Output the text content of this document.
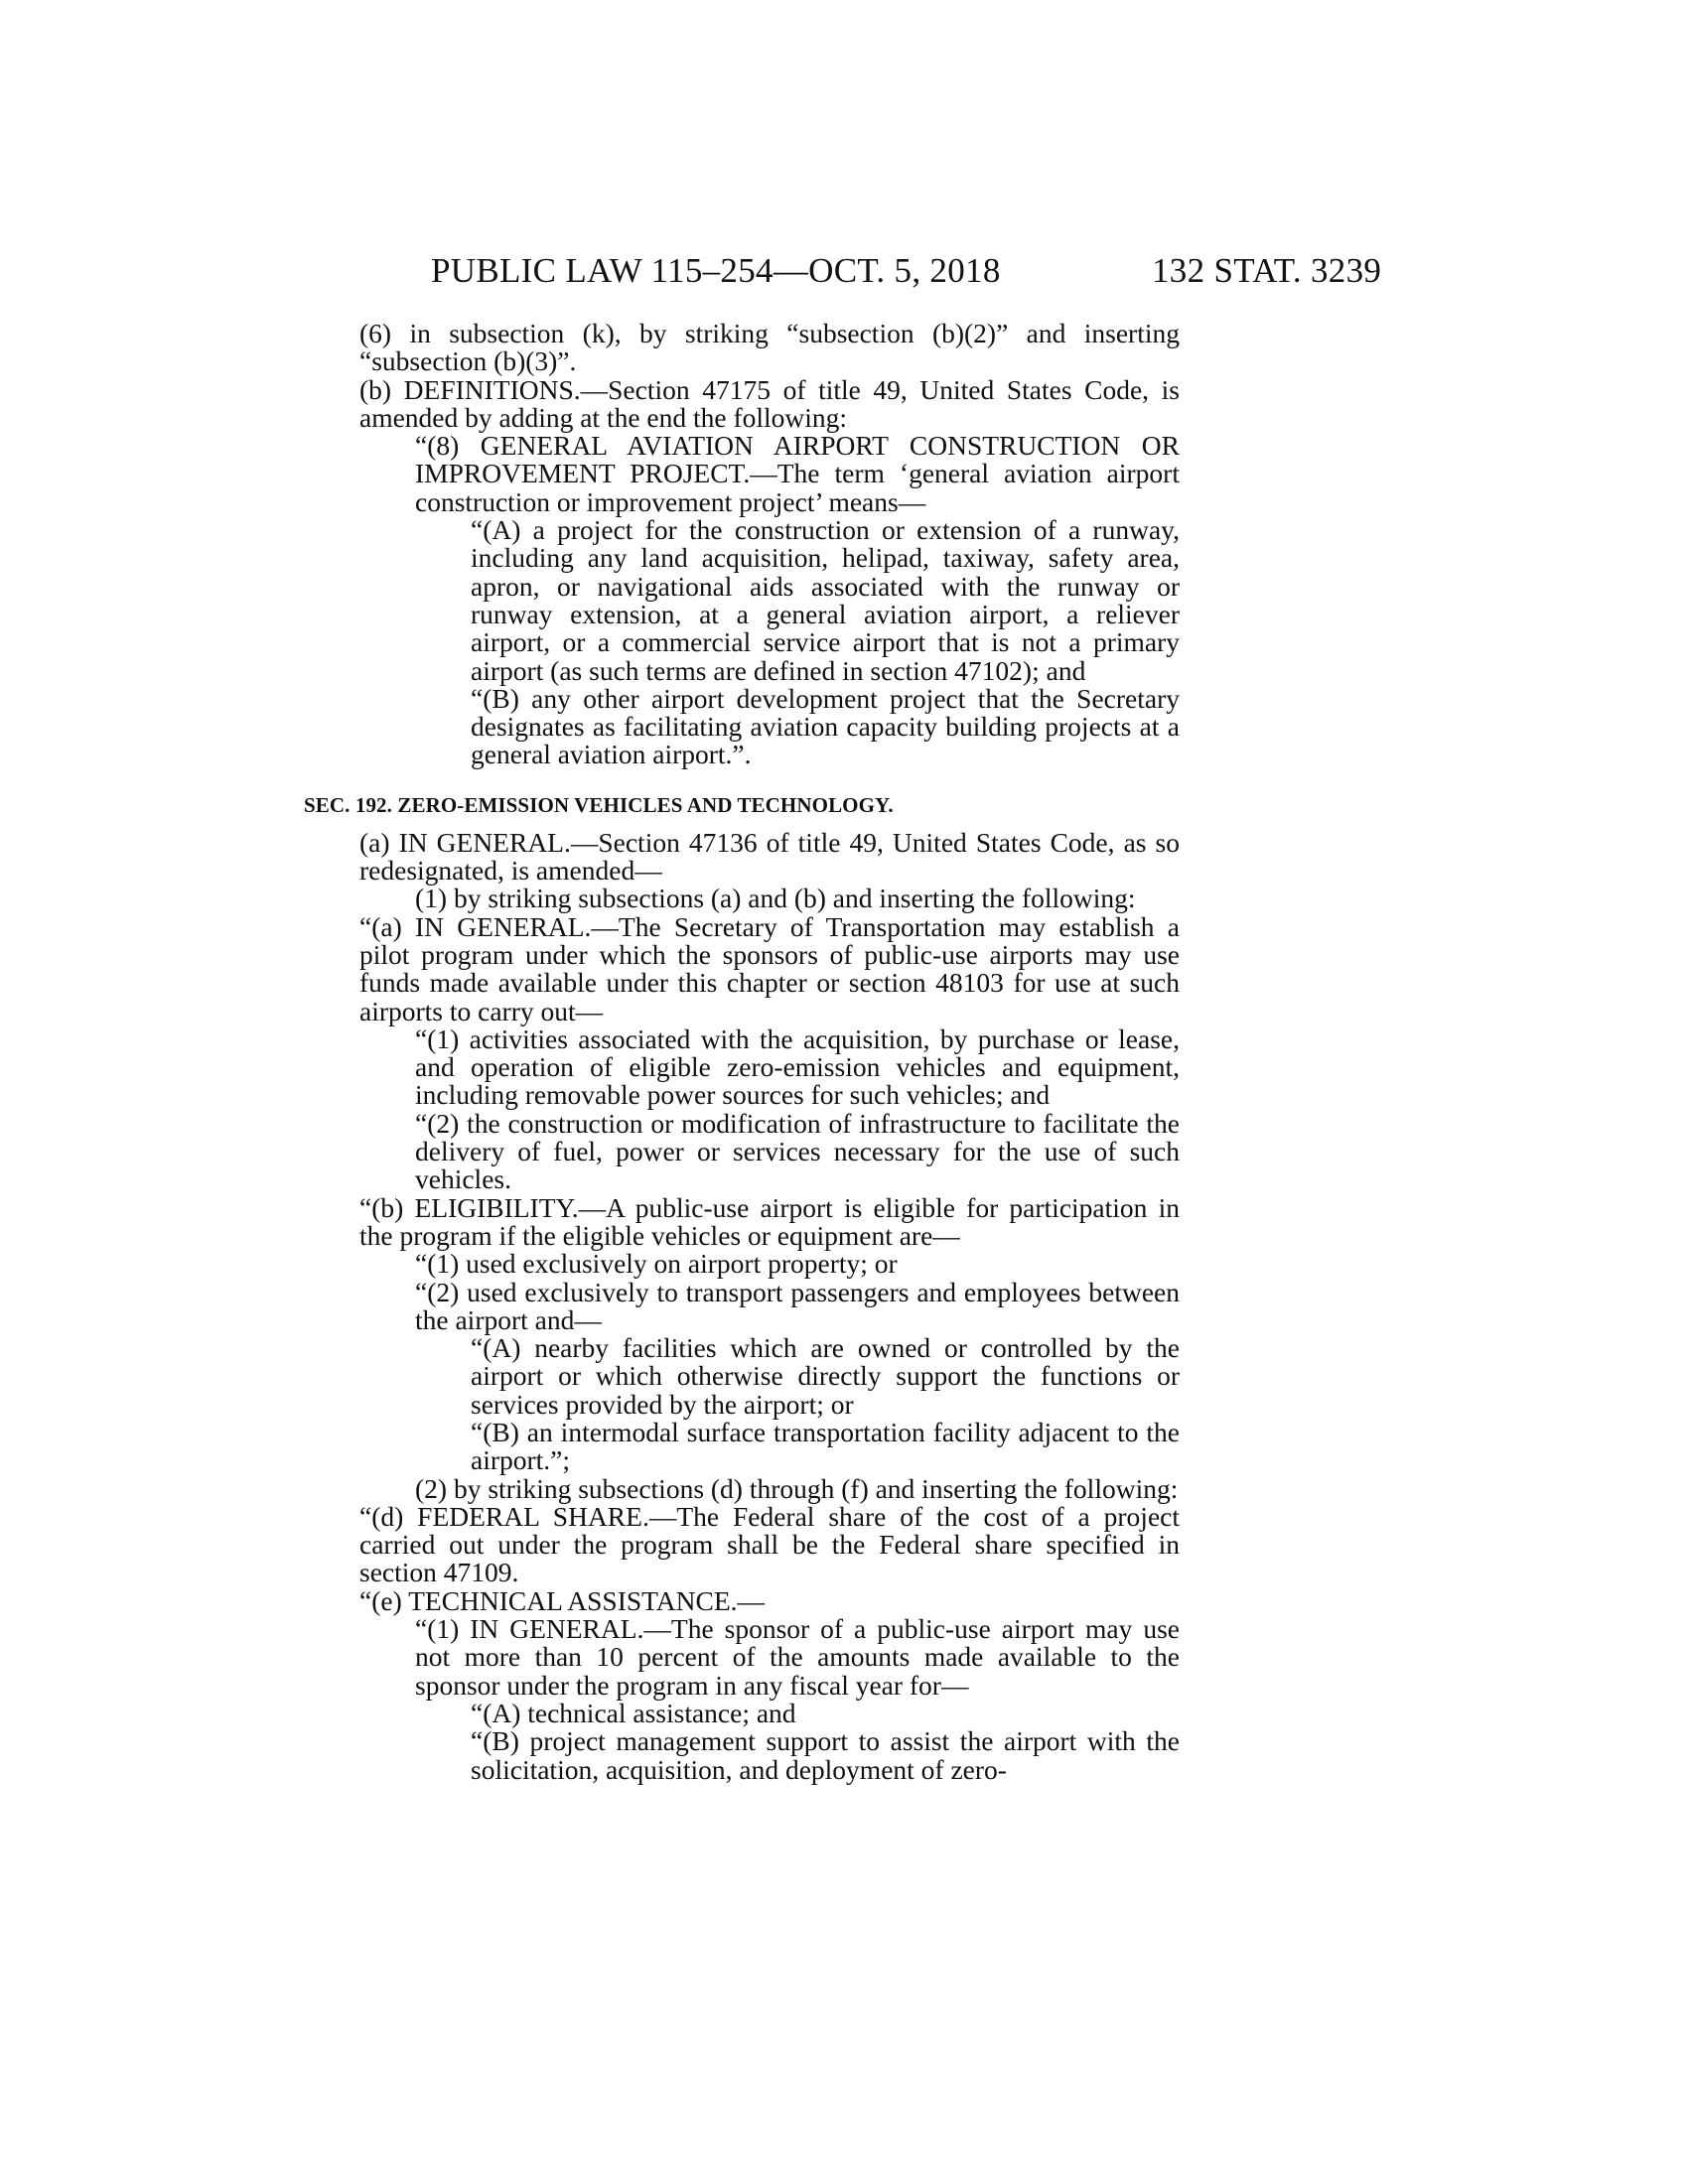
PUBLIC LAW 115–254—OCT. 5, 2018	132 STAT. 3239

(6) in subsection (k), by striking “subsection (b)(2)” and inserting “subsection (b)(3)”.

(b) DEFINITIONS.—Section 47175 of title 49, United States Code, is amended by adding at the end the following:

“(8) GENERAL AVIATION AIRPORT CONSTRUCTION OR IMPROVEMENT PROJECT.—The term ‘general aviation airport construction or improvement project’ means—

“(A) a project for the construction or extension of a runway, including any land acquisition, helipad, taxiway, safety area, apron, or navigational aids associated with the runway or runway extension, at a general aviation airport, a reliever airport, or a commercial service airport that is not a primary airport (as such terms are defined in section 47102); and

“(B) any other airport development project that the Secretary designates as facilitating aviation capacity building projects at a general aviation airport.”.

SEC. 192. ZERO-EMISSION VEHICLES AND TECHNOLOGY.

(a) IN GENERAL.—Section 47136 of title 49, United States Code, as so redesignated, is amended—

(1) by striking subsections (a) and (b) and inserting the following:

“(a) IN GENERAL.—The Secretary of Transportation may establish a pilot program under which the sponsors of public-use airports may use funds made available under this chapter or section 48103 for use at such airports to carry out—

“(1) activities associated with the acquisition, by purchase or lease, and operation of eligible zero-emission vehicles and equipment, including removable power sources for such vehicles; and

“(2) the construction or modification of infrastructure to facilitate the delivery of fuel, power or services necessary for the use of such vehicles.

“(b) ELIGIBILITY.—A public-use airport is eligible for participation in the program if the eligible vehicles or equipment are—

“(1) used exclusively on airport property; or

“(2) used exclusively to transport passengers and employees between the airport and—

“(A) nearby facilities which are owned or controlled by the airport or which otherwise directly support the functions or services provided by the airport; or

“(B) an intermodal surface transportation facility adjacent to the airport.”;

(2) by striking subsections (d) through (f) and inserting the following:

“(d) FEDERAL SHARE.—The Federal share of the cost of a project carried out under the program shall be the Federal share specified in section 47109.

“(e) TECHNICAL ASSISTANCE.—

“(1) IN GENERAL.—The sponsor of a public-use airport may use not more than 10 percent of the amounts made available to the sponsor under the program in any fiscal year for—

“(A) technical assistance; and

“(B) project management support to assist the airport with the solicitation, acquisition, and deployment of zero-
